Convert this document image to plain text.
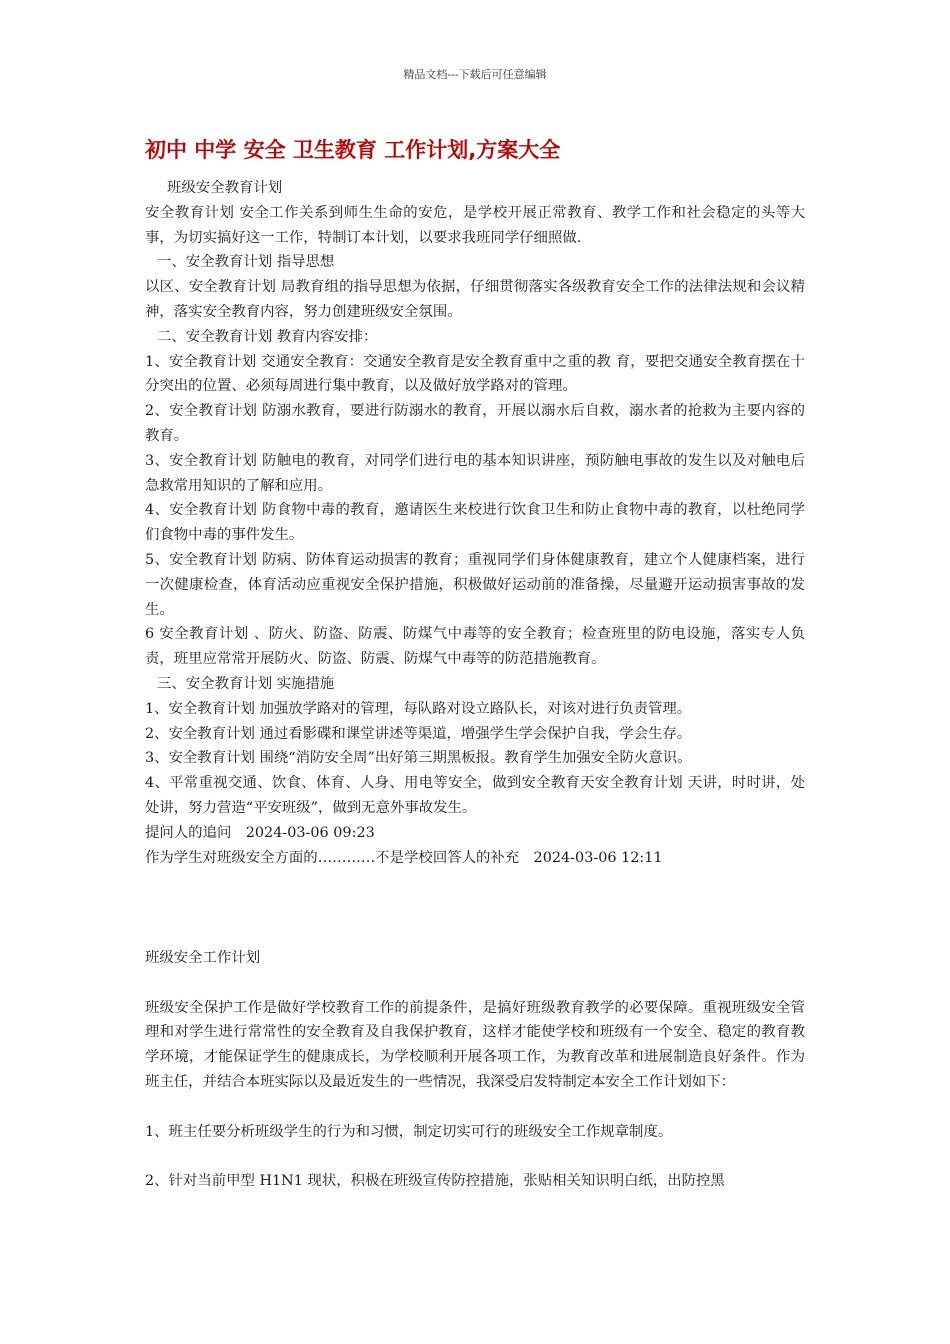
精品文档---下载后可任意编辑
初中 中学 安全 卫生教育 工作计划,方案大全

班级安全教育计划

安全教育计划 安全工作关系到师生生命的安危，是学校开展正常教育、教学工作和社会稳定的头等大事，为切实搞好这一工作，特制订本计划，以要求我班同学仔细照做.

一、安全教育计划 指导思想

以区、安全教育计划 局教育组的指导思想为依据，仔细贯彻落实各级教育安全工作的法律法规和会议精神，落实安全教育内容，努力创建班级安全氛围。

二、安全教育计划 教育内容安排：

1、安全教育计划 交通安全教育：交通安全教育是安全教育重中之重的教 育，要把交通安全教育摆在十分突出的位置、必须每周进行集中教育，以及做好放学路对的管理。

2、安全教育计划 防溺水教育，要进行防溺水的教育，开展以溺水后自救，溺水者的抢救为主要内容的教育。

3、安全教育计划 防触电的教育，对同学们进行电的基本知识讲座，预防触电事故的发生以及对触电后急救常用知识的了解和应用。

4、安全教育计划 防食物中毒的教育，邀请医生来校进行饮食卫生和防止食物中毒的教育，以杜绝同学们食物中毒的事件发生。

5、安全教育计划 防病、防体育运动损害的教育；重视同学们身体健康教育，建立个人健康档案，进行一次健康检查，体育活动应重视安全保护措施，积极做好运动前的准备操，尽量避开运动损害事故的发生。

6 安全教育计划 、防火、防盗、防震、防煤气中毒等的安全教育；检查班里的防电设施，落实专人负责，班里应常常开展防火、防盗、防震、防煤气中毒等的防范措施教育。

三、安全教育计划 实施措施

1、安全教育计划 加强放学路对的管理，每队路对设立路队长，对该对进行负责管理。

2、安全教育计划 通过看影碟和课堂讲述等渠道，增强学生学会保护自我，学会生存。

3、安全教育计划 围绕“消防安全周”出好第三期黑板报。教育学生加强安全防火意识。

4、平常重视交通、饮食、体育、人身、用电等安全，做到安全教育天安全教育计划 天讲，时时讲，处处讲，努力营造“平安班级”，做到无意外事故发生。

提问人的追问　2024-03-06 09:23

作为学生对班级安全方面的…………不是学校回答人的补充　2024-03-06 12:11

班级安全工作计划

班级安全保护工作是做好学校教育工作的前提条件，是搞好班级教育教学的必要保障。重视班级安全管理和对学生进行常常性的安全教育及自我保护教育，这样才能使学校和班级有一个安全、稳定的教育教学环境，才能保证学生的健康成长，为学校顺利开展各项工作，为教育改革和进展制造良好条件。作为班主任，并结合本班实际以及最近发生的一些情况，我深受启发特制定本安全工作计划如下：

1、班主任要分析班级学生的行为和习惯，制定切实可行的班级安全工作规章制度。

2、针对当前甲型 H1N1 现状，积极在班级宣传防控措施，张贴相关知识明白纸，出防控黑
